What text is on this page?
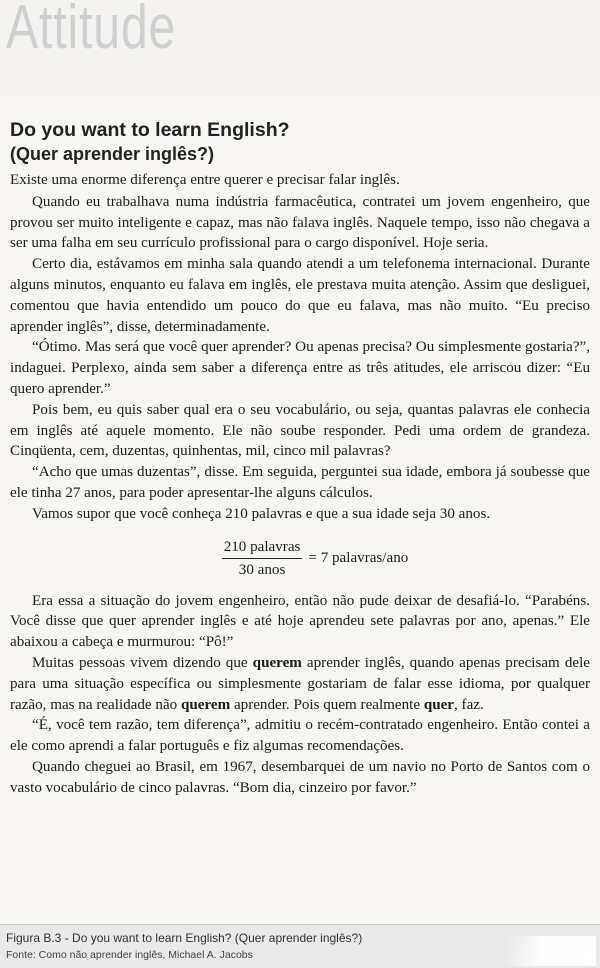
Attitude
Do you want to learn English?
(Quer aprender inglês?)

Existe uma enorme diferença entre querer e precisar falar inglês.

Quando eu trabalhava numa indústria farmacêutica, contratei um jovem engenheiro, que provou ser muito inteligente e capaz, mas não falava inglês. Naquele tempo, isso não chegava a ser uma falha em seu currículo profissional para o cargo disponível. Hoje seria.

Certo dia, estávamos em minha sala quando atendi a um telefonema internacional. Durante alguns minutos, enquanto eu falava em inglês, ele prestava muita atenção. Assim que desliguei, comentou que havia entendido um pouco do que eu falava, mas não muito. “Eu preciso aprender inglês”, disse, determinadamente.

“Ótimo. Mas será que você quer aprender? Ou apenas precisa? Ou simplesmente gostaria?”, indaguei. Perplexo, ainda sem saber a diferença entre as três atitudes, ele arriscou dizer: “Eu quero aprender.”

Pois bem, eu quis saber qual era o seu vocabulário, ou seja, quantas palavras ele conhecia em inglês até aquele momento. Ele não soube responder. Pedi uma ordem de grandeza. Cinqüenta, cem, duzentas, quinhentas, mil, cinco mil palavras?

“Acho que umas duzentas”, disse. Em seguida, perguntei sua idade, embora já soubesse que ele tinha 27 anos, para poder apresentar-lhe alguns cálculos.

Vamos supor que você conheça 210 palavras e que a sua idade seja 30 anos.

$\frac{\text{210 palavras}}{\text{30 anos}} = 7$ palavras/ano

Era essa a situação do jovem engenheiro, então não pude deixar de desafiá-lo. “Parabéns. Você disse que quer aprender inglês e até hoje aprendeu sete palavras por ano, apenas.” Ele abaixou a cabeça e murmurou: “Pô!”

Muitas pessoas vivem dizendo que querem aprender inglês, quando apenas precisam dele para uma situação específica ou simplesmente gostariam de falar esse idioma, por qualquer razão, mas na realidade não querem aprender. Pois quem realmente quer, faz.

“É, você tem razão, tem diferença”, admitiu o recém-contratado engenheiro. Então contei a ele como aprendi a falar português e fiz algumas recomendações.

Quando cheguei ao Brasil, em 1967, desembarquei de um navio no Porto de Santos com o vasto vocabulário de cinco palavras. “Bom dia, cinzeiro por favor.”

Figura B.3 - Do you want to learn English? (Quer aprender inglês?)
Fonte: Como não aprender inglês, Michael A. Jacobs
